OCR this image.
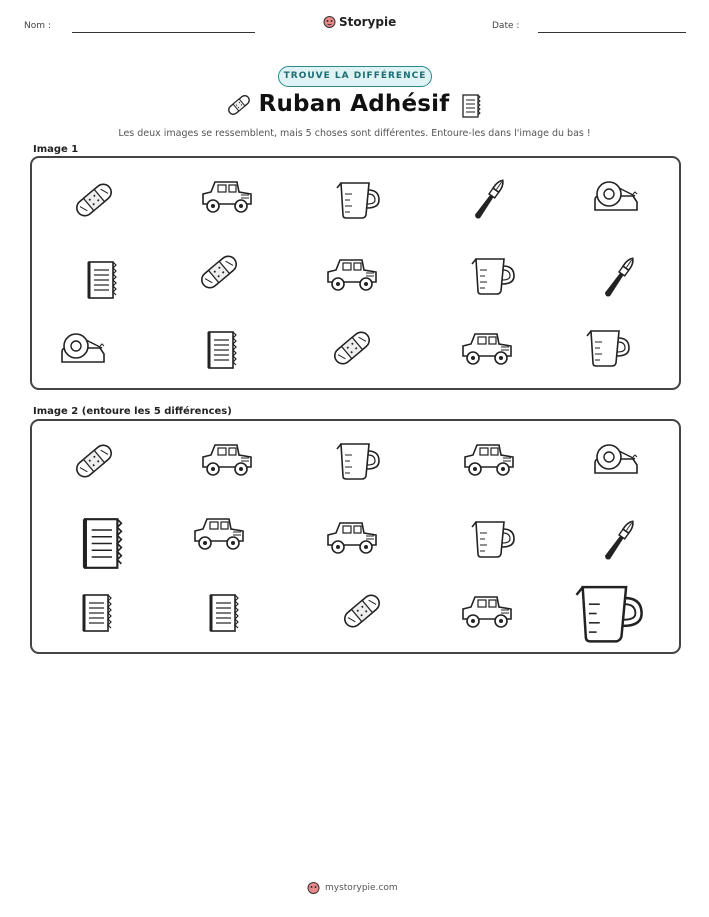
Nom :	Storypie	Date :
TROUVE LA DIFFÉRENCE
Ruban Adhésif
Les deux images se ressemblent, mais 5 choses sont différentes. Entoure-les dans l'image du bas !
Image 1
Image 2 (entoure les 5 différences)
mystorypie.com
